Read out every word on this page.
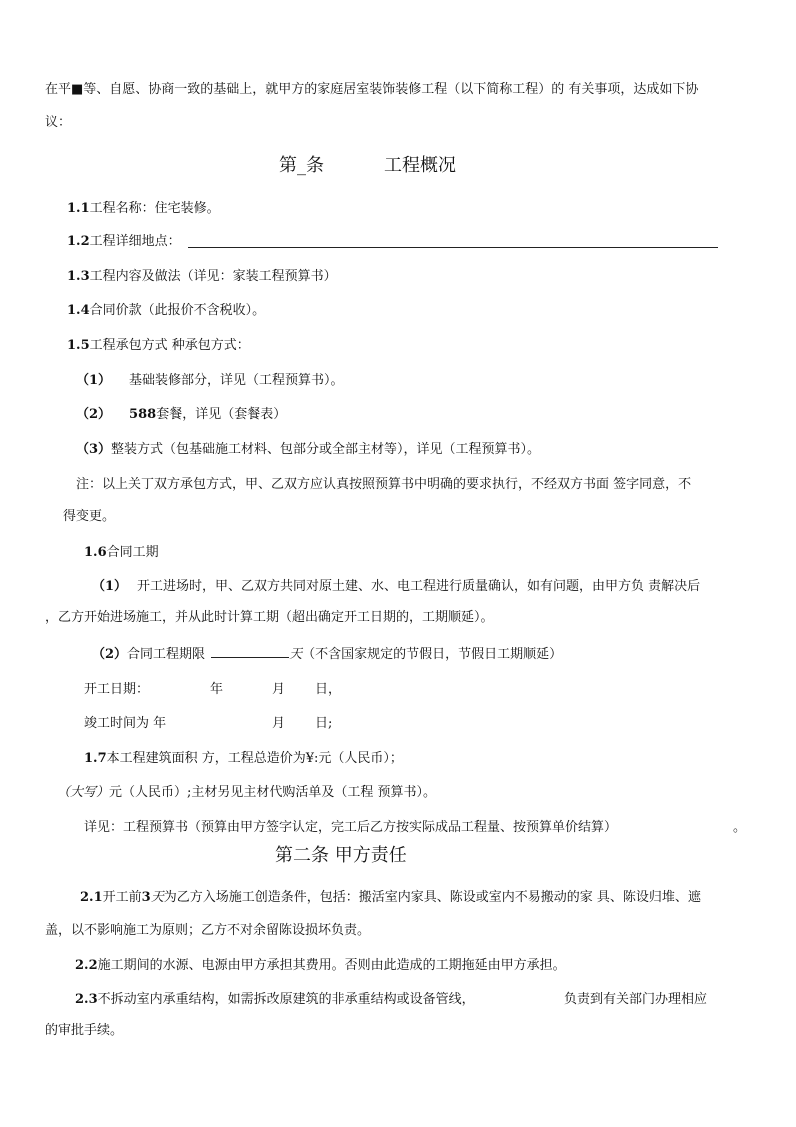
在平■等、自愿、协商一致的基础上，就甲方的家庭居室装饰装修工程（以下简称工程）的 有关事项，达成如下协
议：
第_条	工程概况
1.1工程名称：住宅装修。
1.2工程详细地点：
1.3工程内容及做法（详见：家装工程预算书）
1.4合同价款（此报价不含税收）。
1.5工程承包方式 种承包方式：
（1） 基础装修部分，详见（工程预算书）。
（2） 588套餐，详见（套餐表）
（3）整装方式（包基础施工材料、包部分或全部主材等），详见（工程预算书）。
注：以上关丁双方承包方式，甲、乙双方应认真按照预算书中明确的要求执行，不经双方书面 签字同意，不
得变更。
1.6合同工期
（1） 开工进场时，甲、乙双方共同对原土建、水、电工程进行质量确认，如有问题，由甲方负 责解决后
，乙方开始进场施工，并从此时计算工期（超出确定开工日期的，工期顺延）。
（2）合同工程期限	天（不含国家规定的节假日，节假日工期顺延）
开工日期：	年	月 日，
竣工时间为 年	月 日;
1.7本工程建筑面积 方，工程总造价为¥:元（人民币）；
（大写）元（人民币）;主材另见主材代购活单及（工程 预算书）。
详见：工程预算书（预算由甲方签字认定，完工后乙方按实际成品工程量、按预算单价结算）	。
第二条 甲方责任
2.1开工前3天为乙方入场施工创造条件，包括：搬活室内家具、陈设或室内不易搬动的家 具、陈设归堆、遮
盖，以不影响施工为原则；乙方不对余留陈设损坏负责。
2.2施工期间的水源、电源由甲方承担其费用。否则由此造成的工期拖延由甲方承担。
2.3不拆动室内承重结构，如需拆改原建筑的非承重结构或设备管线，	负责到有关部门办理相应
的审批手续。
